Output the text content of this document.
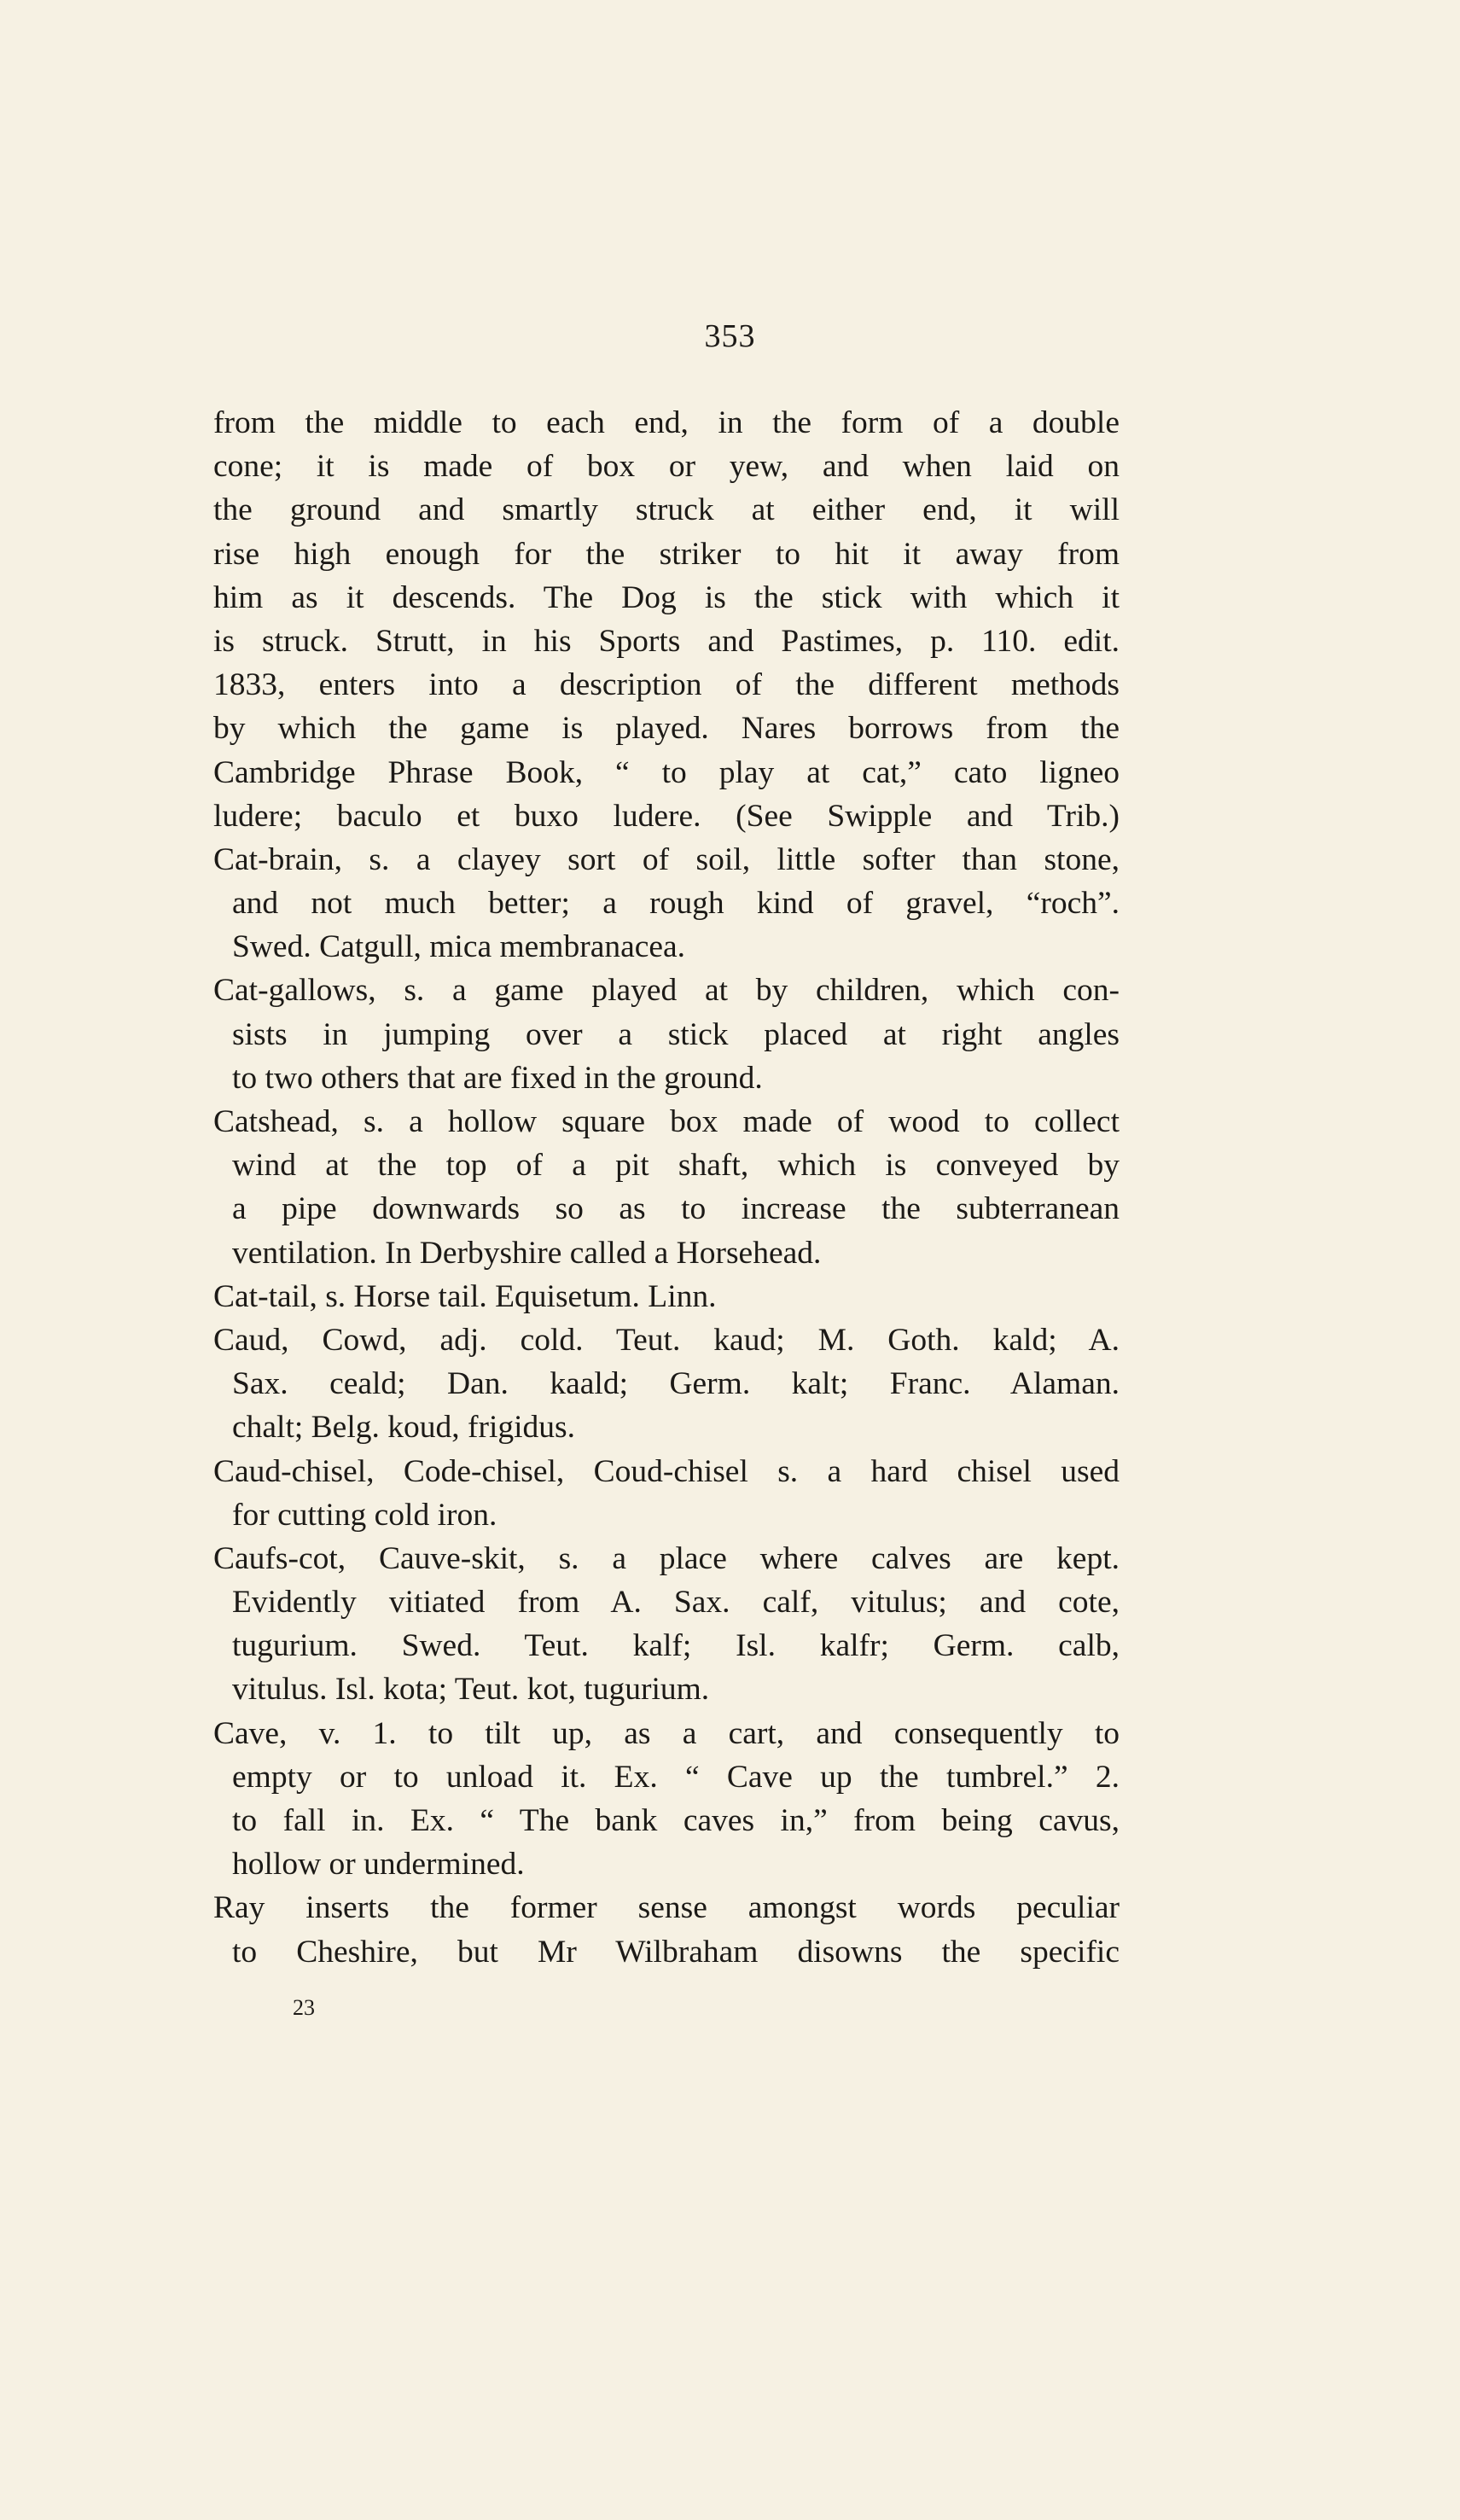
353
from the middle to each end, in the form of a double
cone; it is made of box or yew, and when laid on
the ground and smartly struck at either end, it will
rise high enough for the striker to hit it away from
him as it descends. The Dog is the stick with which it
is struck. Strutt, in his Sports and Pastimes, p. 110. edit.
1833, enters into a description of the different methods
by which the game is played. Nares borrows from the
Cambridge Phrase Book, “ to play at cat,” cato ligneo
ludere; baculo et buxo ludere. (See Swipple and Trib.)
Cat-brain, s. a clayey sort of soil, little softer than stone,
and not much better; a rough kind of gravel, “roch”.
Swed. Catgull, mica membranacea.
Cat-gallows, s. a game played at by children, which con-
sists in jumping over a stick placed at right angles
to two others that are fixed in the ground.
Catshead, s. a hollow square box made of wood to collect
wind at the top of a pit shaft, which is conveyed by
a pipe downwards so as to increase the subterranean
ventilation. In Derbyshire called a Horsehead.
Cat-tail, s. Horse tail. Equisetum. Linn.
Caud, Cowd, adj. cold. Teut. kaud; M. Goth. kald; A.
Sax. ceald; Dan. kaald; Germ. kalt; Franc. Alaman.
chalt; Belg. koud, frigidus.
Caud-chisel, Code-chisel, Coud-chisel s. a hard chisel used
for cutting cold iron.
Caufs-cot, Cauve-skit, s. a place where calves are kept.
Evidently vitiated from A. Sax. calf, vitulus; and cote,
tugurium. Swed. Teut. kalf; Isl. kalfr; Germ. calb,
vitulus. Isl. kota; Teut. kot, tugurium.
Cave, v. 1. to tilt up, as a cart, and consequently to
empty or to unload it. Ex. “ Cave up the tumbrel.” 2.
to fall in. Ex. “ The bank caves in,” from being cavus,
hollow or undermined.
Ray inserts the former sense amongst words peculiar
to Cheshire, but Mr Wilbraham disowns the specific
23
